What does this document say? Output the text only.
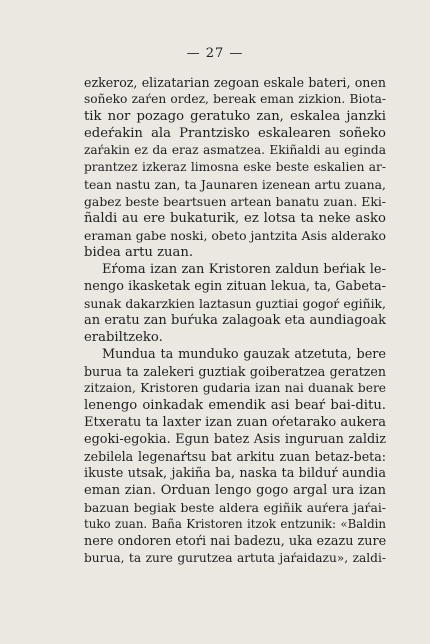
— 27 —
ezkeroz, elizatarian zegoan eskale bateri, onen
soñeko zaŕen ordez, bereak eman zizkion. Biota-
tik nor pozago geratuko zan, eskalea janzki
edeŕakin ala Prantzisko eskalearen soñeko
zaŕakin ez da eraz asmatzea. Ekiñaldi au eginda
prantzez izkeraz limosna eske beste eskalien ar-
tean nastu zan, ta Jaunaren izenean artu zuana,
gabez beste beartsuen artean banatu zuan. Eki-
ñaldi au ere bukaturik, ez lotsa ta neke asko
eraman gabe noski, obeto jantzita Asis alderako
bidea artu zuan.
Eŕoma izan zan Kristoren zaldun beŕiak le-
nengo ikasketak egin zituan lekua, ta, Gabeta-
sunak dakarzkien laztasun guztiai gogoŕ egiñik,
an eratu zan buŕuka zalagoak eta aundiagoak
erabiltzeko.
Mundua ta munduko gauzak atzetuta, bere
burua ta zalekeri guztiak goiberatzea geratzen
zitzaion, Kristoren gudaria izan nai duanak bere
lenengo oinkadak emendik asi beaŕ bai-ditu.
Etxeratu ta laxter izan zuan oŕetarako aukera
egoki-egokia. Egun batez Asis inguruan zaldiz
zebilela legenaŕtsu bat arkitu zuan betaz-beta:
ikuste utsak, jakiña ba, naska ta bilduŕ aundia
eman zian. Orduan lengo gogo argal ura izan
bazuan begiak beste aldera egiñik auŕera jaŕai-
tuko zuan. Baña Kristoren itzok entzunik: «Baldin
nere ondoren etoŕi nai badezu, uka ezazu zure
burua, ta zure gurutzea artuta jaŕaidazu», zaldi-
